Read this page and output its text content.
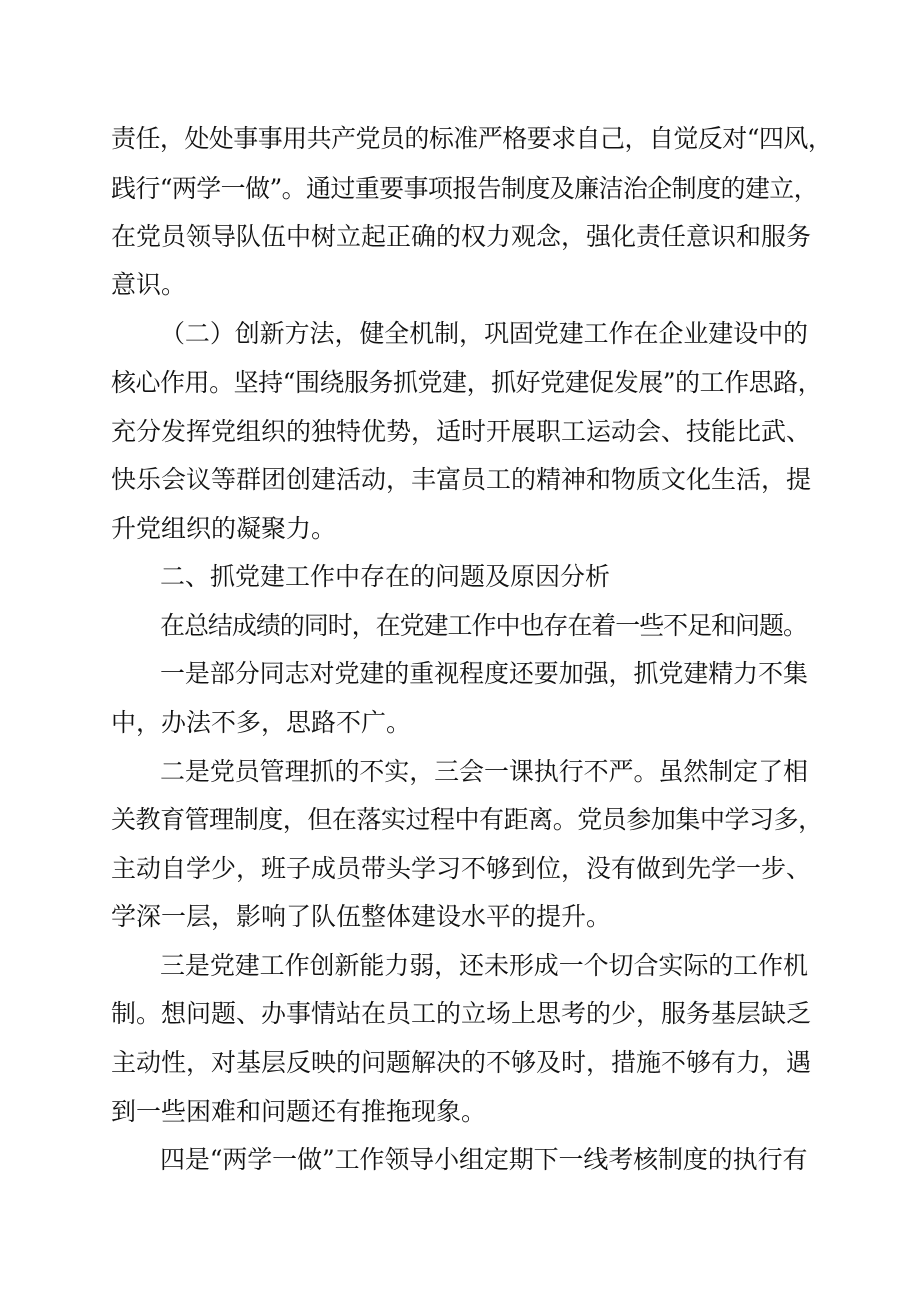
责任，处处事事用共产党员的标准严格要求自己，自觉反对“四风，
践行“两学一做”。通过重要事项报告制度及廉洁治企制度的建立，
在党员领导队伍中树立起正确的权力观念，强化责任意识和服务
意识。
（二）创新方法，健全机制，巩固党建工作在企业建设中的
核心作用。坚持“围绕服务抓党建，抓好党建促发展”的工作思路，
充分发挥党组织的独特优势，适时开展职工运动会、技能比武、
快乐会议等群团创建活动，丰富员工的精神和物质文化生活，提
升党组织的凝聚力。
二、抓党建工作中存在的问题及原因分析
在总结成绩的同时，在党建工作中也存在着一些不足和问题。
一是部分同志对党建的重视程度还要加强，抓党建精力不集
中，办法不多，思路不广。
二是党员管理抓的不实，三会一课执行不严。虽然制定了相
关教育管理制度，但在落实过程中有距离。党员参加集中学习多，
主动自学少，班子成员带头学习不够到位，没有做到先学一步、
学深一层，影响了队伍整体建设水平的提升。
三是党建工作创新能力弱，还未形成一个切合实际的工作机
制。想问题、办事情站在员工的立场上思考的少，服务基层缺乏
主动性，对基层反映的问题解决的不够及时，措施不够有力，遇
到一些困难和问题还有推拖现象。
四是“两学一做”工作领导小组定期下一线考核制度的执行有
